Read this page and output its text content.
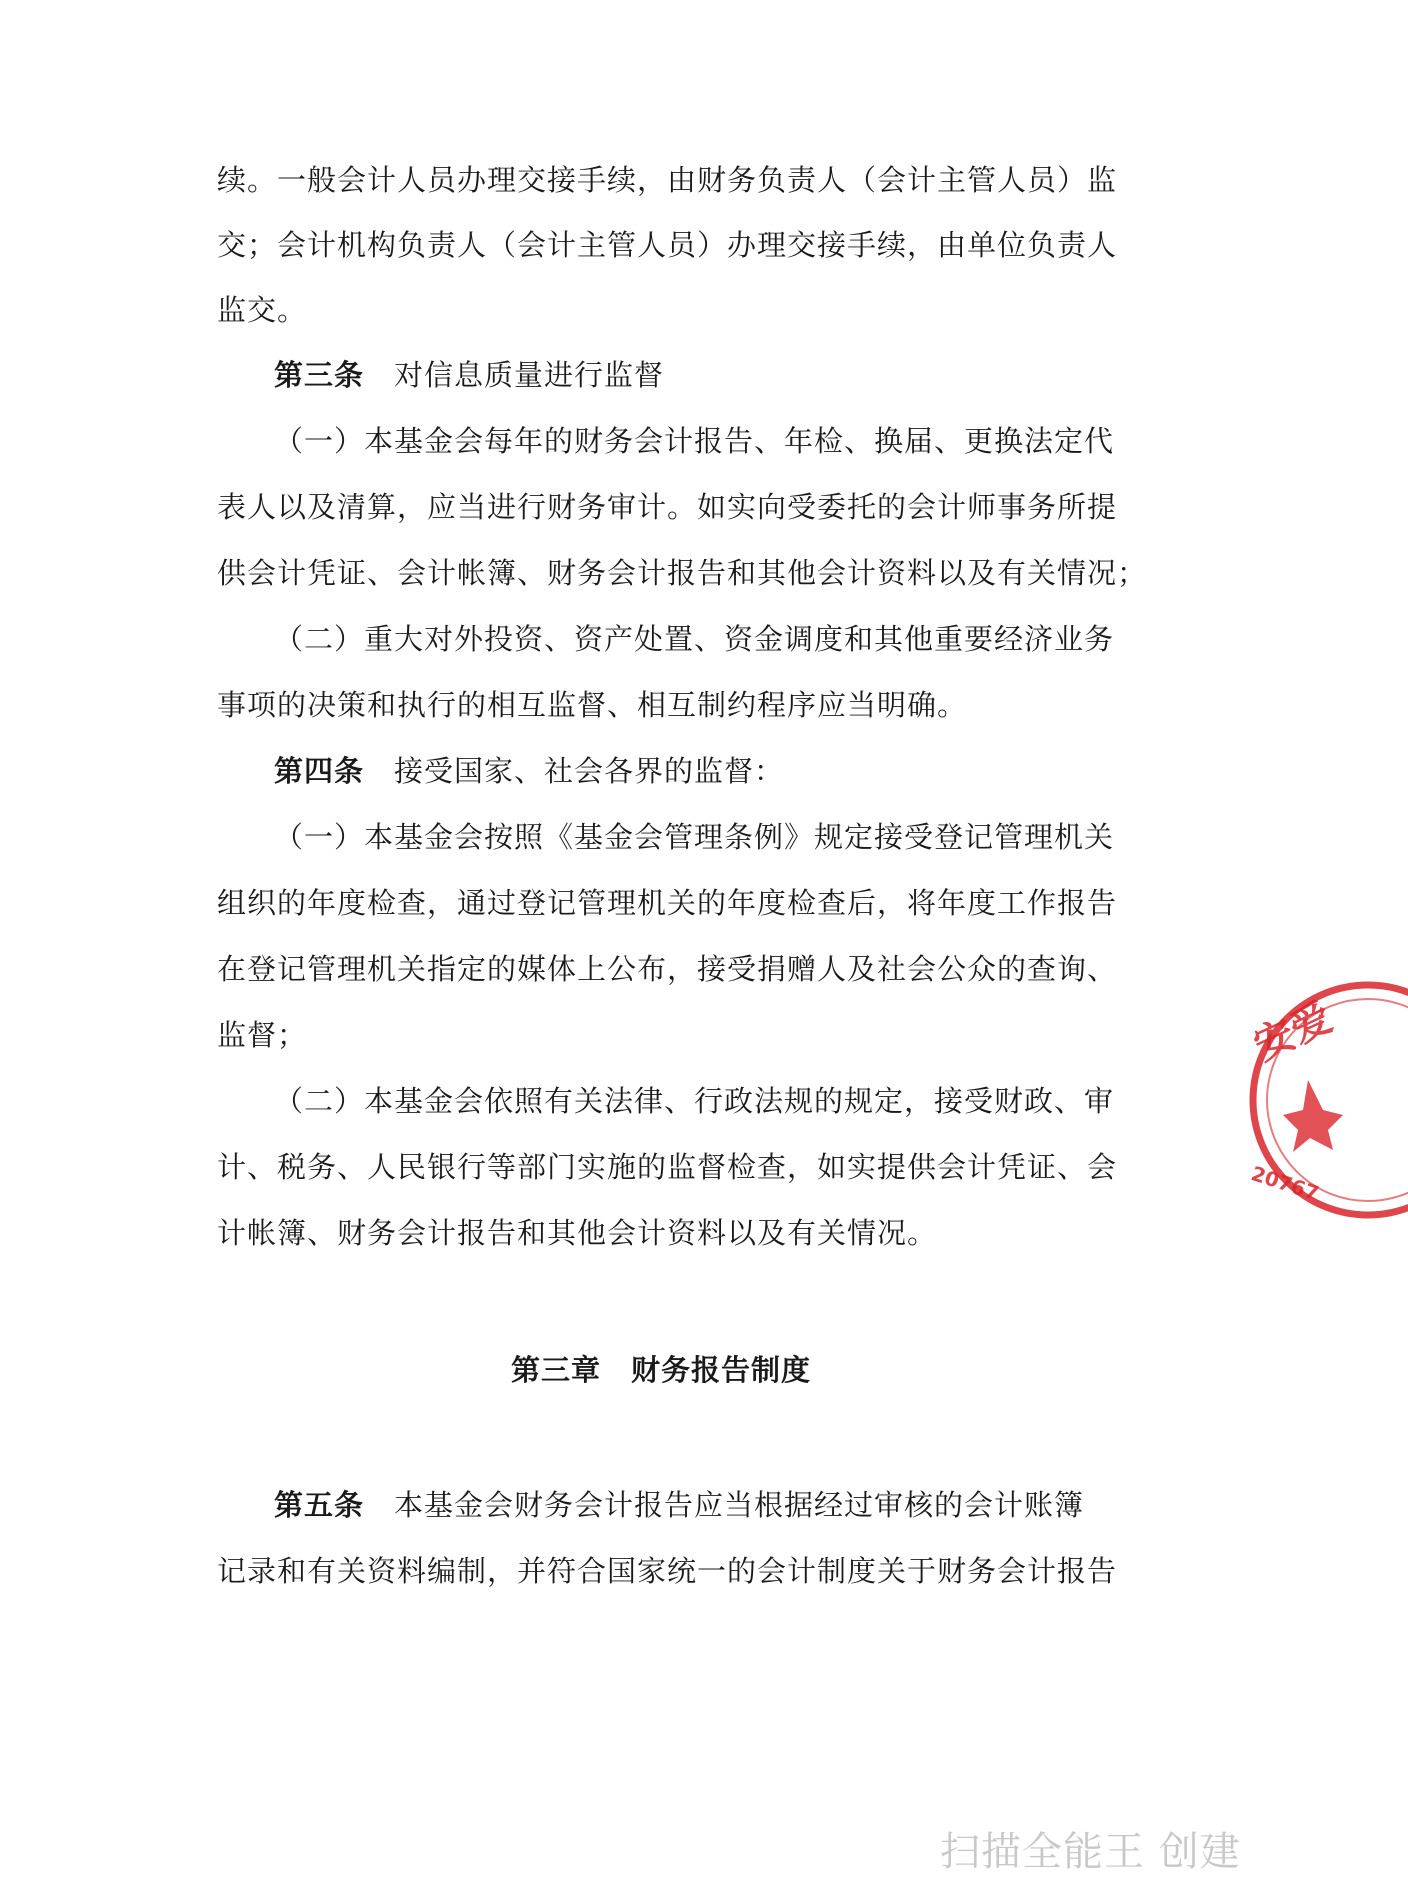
续。一般会计人员办理交接手续，由财务负责人（会计主管人员）监
交；会计机构负责人（会计主管人员）办理交接手续，由单位负责人
监交。
第三条 对信息质量进行监督
（一）本基金会每年的财务会计报告、年检、换届、更换法定代
表人以及清算，应当进行财务审计。如实向受委托的会计师事务所提
供会计凭证、会计帐簿、财务会计报告和其他会计资料以及有关情况；
（二）重大对外投资、资产处置、资金调度和其他重要经济业务
事项的决策和执行的相互监督、相互制约程序应当明确。
第四条 接受国家、社会各界的监督：
（一）本基金会按照《基金会管理条例》规定接受登记管理机关
组织的年度检查，通过登记管理机关的年度检查后，将年度工作报告
在登记管理机关指定的媒体上公布，接受捐赠人及社会公众的查询、
监督；
（二）本基金会依照有关法律、行政法规的规定，接受财政、审
计、税务、人民银行等部门实施的监督检查，如实提供会计凭证、会
计帐簿、财务会计报告和其他会计资料以及有关情况。
第三章 财务报告制度
第五条 本基金会财务会计报告应当根据经过审核的会计账簿
记录和有关资料编制，并符合国家统一的会计制度关于财务会计报告
安爱
20767
扫描全能王 创建
